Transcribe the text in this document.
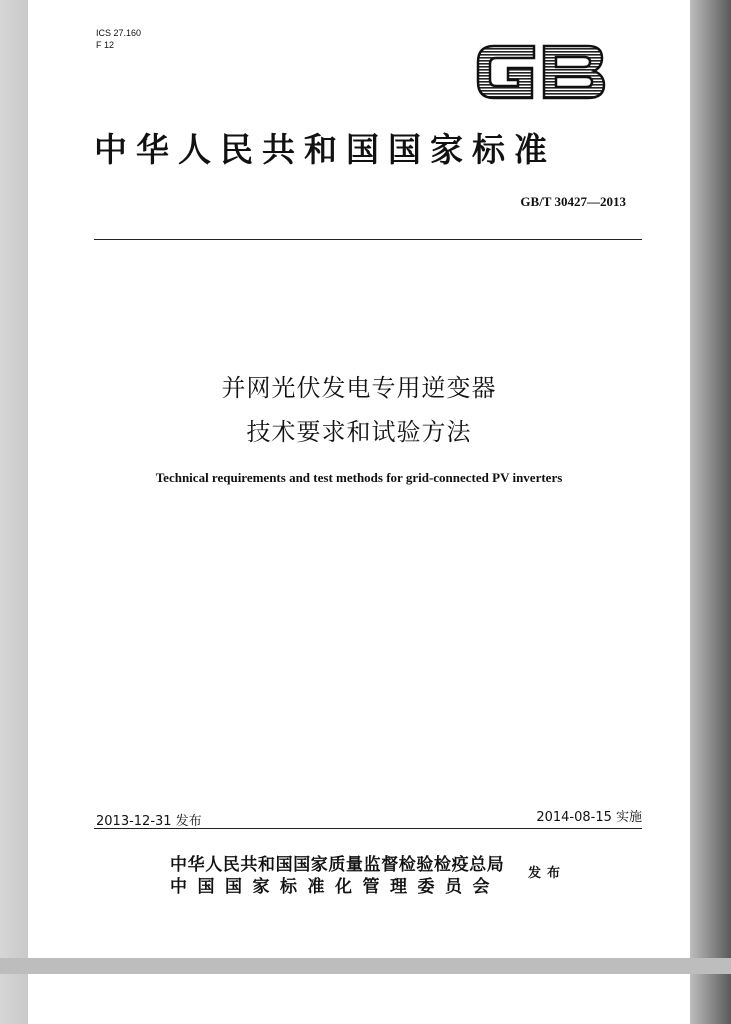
ICS 27.160
F 12
中华人民共和国国家标准
GB/T 30427—2013
并网光伏发电专用逆变器
技术要求和试验方法
Technical requirements and test methods for grid-connected PV inverters
2013-12-31 发布	2014-08-15 实施
中华人民共和国国家质量监督检验检疫总局
中国国家标准化管理委员会
发布
